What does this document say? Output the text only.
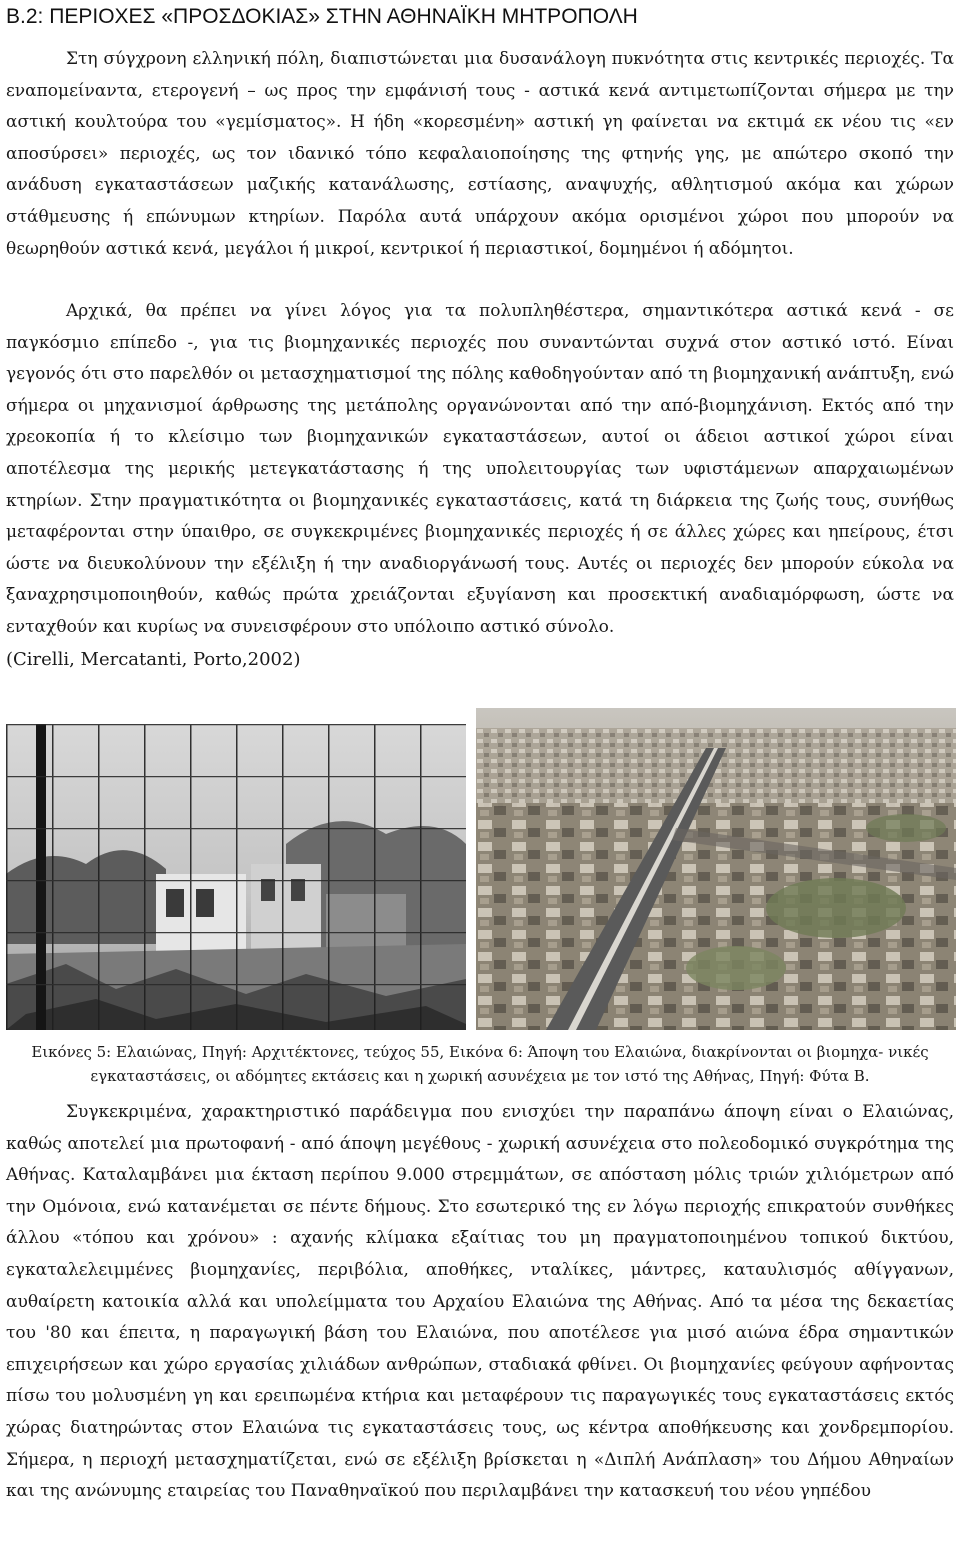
Β.2: ΠΕΡΙΟΧΕΣ «ΠΡΟΣΔΟΚΙΑΣ» ΣΤΗΝ ΑΘΗΝΑΪΚΗ ΜΗΤΡΟΠΟΛΗ

Στη σύγχρονη ελληνική πόλη, διαπιστώνεται μια δυσανάλογη πυκνότητα στις κεντρικές περιοχές. Τα εναπομείναντα, ετερογενή – ως προς την εμφάνισή τους - αστικά κενά αντιμετωπίζονται σήμερα με την αστική κουλτούρα του «γεμίσματος». Η ήδη «κορεσμένη» αστική γη φαίνεται να εκτιμά εκ νέου τις «εν αποσύρσει» περιοχές, ως τον ιδανικό τόπο κεφαλαιοποίησης της φτηνής γης, με απώτερο σκοπό την ανάδυση εγκαταστάσεων μαζικής κατανάλωσης, εστίασης, αναψυχής, αθλητισμού ακόμα και χώρων στάθμευσης ή επώνυμων κτηρίων. Παρόλα αυτά υπάρχουν ακόμα ορισμένοι χώροι που μπορούν να θεωρηθούν αστικά κενά, μεγάλοι ή μικροί, κεντρικοί ή περιαστικοί, δομημένοι ή αδόμητοι.

Αρχικά, θα πρέπει να γίνει λόγος για τα πολυπληθέστερα, σημαντικότερα αστικά κενά - σε παγκόσμιο επίπεδο -, για τις βιομηχανικές περιοχές που συναντώνται συχνά στον αστικό ιστό. Είναι γεγονός ότι στο παρελθόν οι μετασχηματισμοί της πόλης καθοδηγούνταν από τη βιομηχανική ανάπτυξη, ενώ σήμερα οι μηχανισμοί άρθρωσης της μετάπολης οργανώνονται από την από-βιομηχάνιση. Εκτός από την χρεοκοπία ή το κλείσιμο των βιομηχανικών εγκαταστάσεων, αυτοί οι άδειοι αστικοί χώροι είναι αποτέλεσμα της μερικής μετεγκατάστασης ή της υπολειτουργίας των υφιστάμενων απαρχαιωμένων κτηρίων. Στην πραγματικότητα οι βιομηχανικές εγκαταστάσεις, κατά τη διάρκεια της ζωής τους, συνήθως μεταφέρονται στην ύπαιθρο, σε συγκεκριμένες βιομηχανικές περιοχές ή σε άλλες χώρες και ηπείρους, έτσι ώστε να διευκολύνουν την εξέλιξη ή την αναδιοργάνωσή τους. Αυτές οι περιοχές δεν μπορούν εύκολα να ξαναχρησιμοποιηθούν, καθώς πρώτα χρειάζονται εξυγίανση και προσεκτική αναδιαμόρφωση, ώστε να ενταχθούν και κυρίως να συνεισφέρουν στο υπόλοιπο αστικό σύνολο.
(Cirelli, Mercatanti, Porto,2002)
Εικόνες 5: Ελαιώνας, Πηγή: Αρχιτέκτονες, τεύχος 55, Εικόνα 6: Άποψη του Ελαιώνα, διακρίνονται οι βιομηχα- νικές εγκαταστάσεις, οι αδόμητες εκτάσεις και η χωρική ασυνέχεια με τον ιστό της Αθήνας, Πηγή: Φύτα Β.

Συγκεκριμένα, χαρακτηριστικό παράδειγμα που ενισχύει την παραπάνω άποψη είναι ο Ελαιώνας, καθώς αποτελεί μια πρωτοφανή - από άποψη μεγέθους - χωρική ασυνέχεια στο πολεοδομικό συγκρότημα της Αθήνας. Καταλαμβάνει μια έκταση περίπου 9.000 στρεμμάτων, σε απόσταση μόλις τριών χιλιόμετρων από την Ομόνοια, ενώ κατανέμεται σε πέντε δήμους. Στο εσωτερικό της εν λόγω περιοχής επικρατούν συνθήκες άλλου «τόπου και χρόνου» : αχανής κλίμακα εξαίτιας του μη πραγματοποιημένου τοπικού δικτύου, εγκαταλελειμμένες βιομηχανίες, περιβόλια, αποθήκες, νταλίκες, μάντρες, καταυλισμός αθίγγανων, αυθαίρετη κατοικία αλλά και υπολείμματα του Αρχαίου Ελαιώνα της Αθήνας. Από τα μέσα της δεκαετίας του '80 και έπειτα, η παραγωγική βάση του Ελαιώνα, που αποτέλεσε για μισό αιώνα έδρα σημαντικών επιχειρήσεων και χώρο εργασίας χιλιάδων ανθρώπων, σταδιακά φθίνει. Οι βιομηχανίες φεύγουν αφήνοντας πίσω του μολυσμένη γη και ερειπωμένα κτήρια και μεταφέρουν τις παραγωγικές τους εγκαταστάσεις εκτός χώρας διατηρώντας στον Ελαιώνα τις εγκαταστάσεις τους, ως κέντρα αποθήκευσης και χονδρεμπορίου. Σήμερα, η περιοχή μετασχηματίζεται, ενώ σε εξέλιξη βρίσκεται η «Διπλή Ανάπλαση» του Δήμου Αθηναίων και της ανώνυμης εταιρείας του Παναθηναϊκού που περιλαμβάνει την κατασκευή του νέου γηπέδου
